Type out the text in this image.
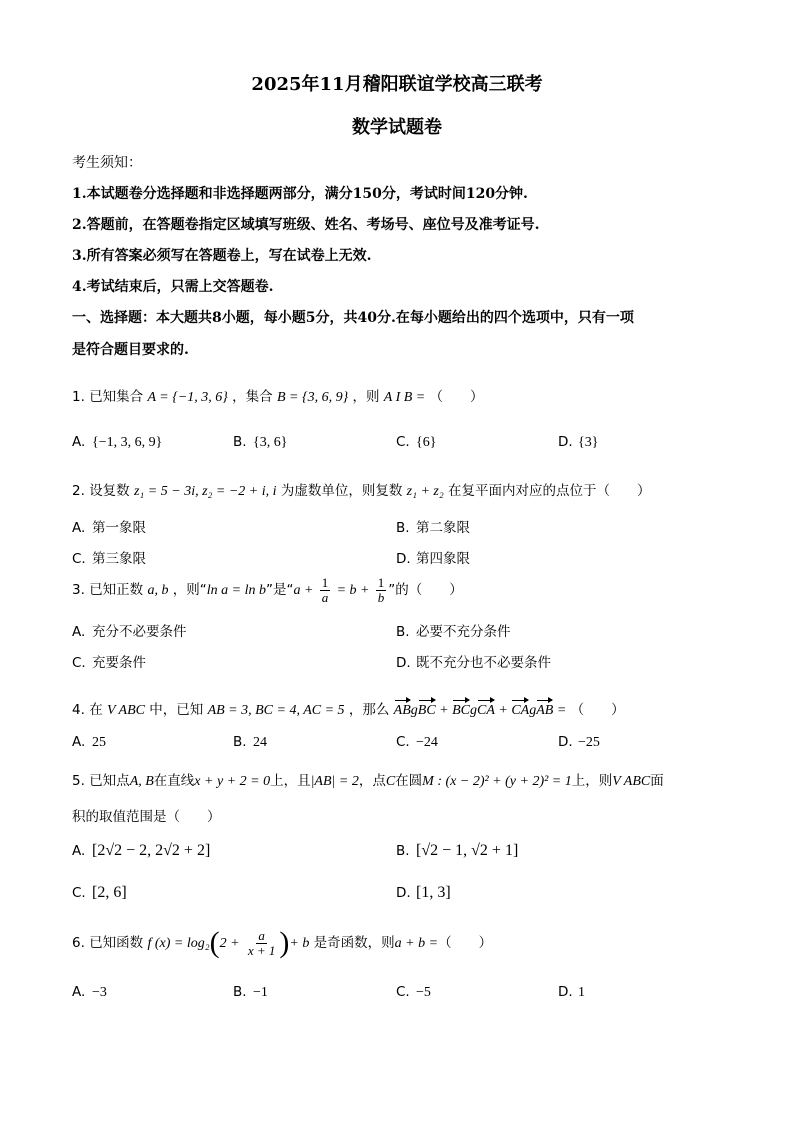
2025年11月稽阳联谊学校高三联考
数学试题卷
考生须知：
1.本试题卷分选择题和非选择题两部分，满分150分，考试时间120分钟.
2.答题前，在答题卷指定区域填写班级、姓名、考场号、座位号及准考证号.
3.所有答案必须写在答题卷上，写在试卷上无效.
4.考试结束后，只需上交答题卷.
一、选择题：本大题共8小题，每小题5分，共40分.在每小题给出的四个选项中，只有一项
是符合题目要求的.
1. 已知集合 A = {−1, 3, 6} ，集合 B = {3, 6, 9} ，则 A I B = （　　）
A. {−1, 3, 6, 9}	B. {3, 6}	C. {6}	D. {3}
2. 设复数 z₁ = 5 − 3i, z₂ = −2 + i, i 为虚数单位，则复数 z₁ + z₂ 在复平面内对应的点位于（　　）
A. 第一象限	B. 第二象限
C. 第三象限	D. 第四象限
3. 已知正数 a, b ，则“ln a = ln b”是“$a + \frac{1}{a} = b + \frac{1}{b}$ ”的（　　）
A. 充分不必要条件	B. 必要不充分条件
C. 充要条件	D. 既不充分也不必要条件
4. 在 V ABC 中，已知 AB = 3, BC = 4, AC = 5 ，那么 ABgBC + BCgCA + CAgAB = （　　）
A. 25	B. 24	C. −24	D. −25
5. 已知点A, B在直线x + y + 2 = 0上，且|AB| = 2，点C在圆M : (x − 2)² + (y + 2)² = 1上，则V ABC面
积的取值范围是（　　）
A. [2√2 − 2, 2√2 + 2]	B. [√2 − 1, √2 + 1]
C. [2, 6]	D. [1, 3]
6. 已知函数 f $(x) = \log_2(2 + \frac{a}{x + 1}$ )+ b 是奇函数，则a + b =（　　）
A. −3	B. −1	C. −5	D. 1
